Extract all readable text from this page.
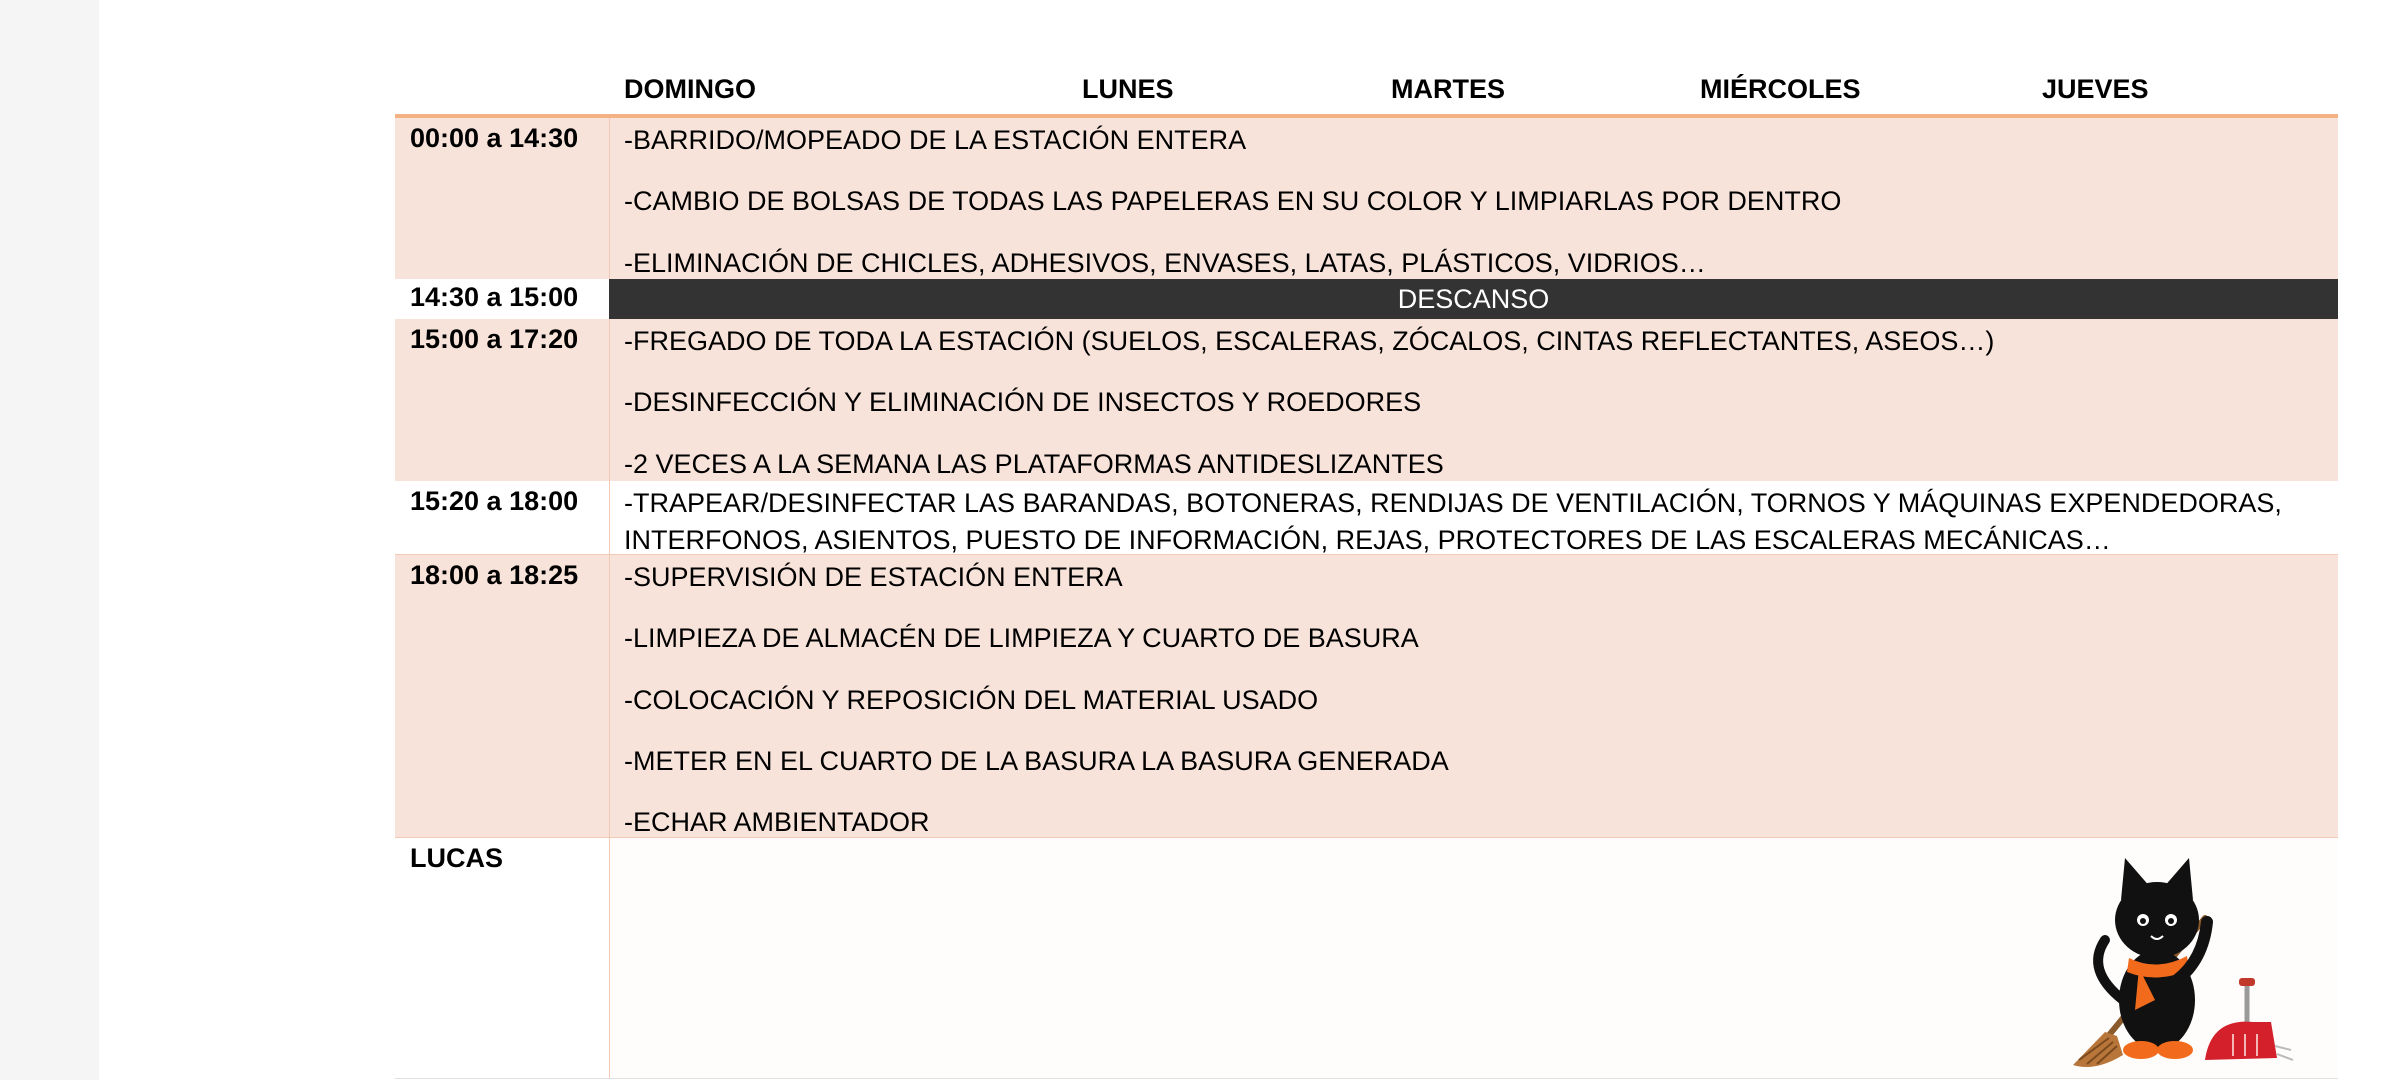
DOMINGO	LUNES	MARTES	MIÉRCOLES	JUEVES
00:00 a 14:30 -BARRIDO/MOPEADO DE LA ESTACIÓN ENTERA
-CAMBIO DE BOLSAS DE TODAS LAS PAPELERAS EN SU COLOR Y LIMPIARLAS POR DENTRO
-ELIMINACIÓN DE CHICLES, ADHESIVOS, ENVASES, LATAS, PLÁSTICOS, VIDRIOS…
14:30 a 15:00	DESCANSO
15:00 a 17:20 -FREGADO DE TODA LA ESTACIÓN (SUELOS, ESCALERAS, ZÓCALOS, CINTAS REFLECTANTES, ASEOS…)
-DESINFECCIÓN Y ELIMINACIÓN DE INSECTOS Y ROEDORES
-2 VECES A LA SEMANA LAS PLATAFORMAS ANTIDESLIZANTES
15:20 a 18:00 -TRAPEAR/DESINFECTAR LAS BARANDAS, BOTONERAS, RENDIJAS DE VENTILACIÓN, TORNOS Y MÁQUINAS EXPENDEDORAS, INTERFONOS, ASIENTOS, PUESTO DE INFORMACIÓN, REJAS, PROTECTORES DE LAS ESCALERAS MECÁNICAS…
18:00 a 18:25 -SUPERVISIÓN DE ESTACIÓN ENTERA
-LIMPIEZA DE ALMACÉN DE LIMPIEZA Y CUARTO DE BASURA
-COLOCACIÓN Y REPOSICIÓN DEL MATERIAL USADO
-METER EN EL CUARTO DE LA BASURA LA BASURA GENERADA
-ECHAR AMBIENTADOR
LUCAS
